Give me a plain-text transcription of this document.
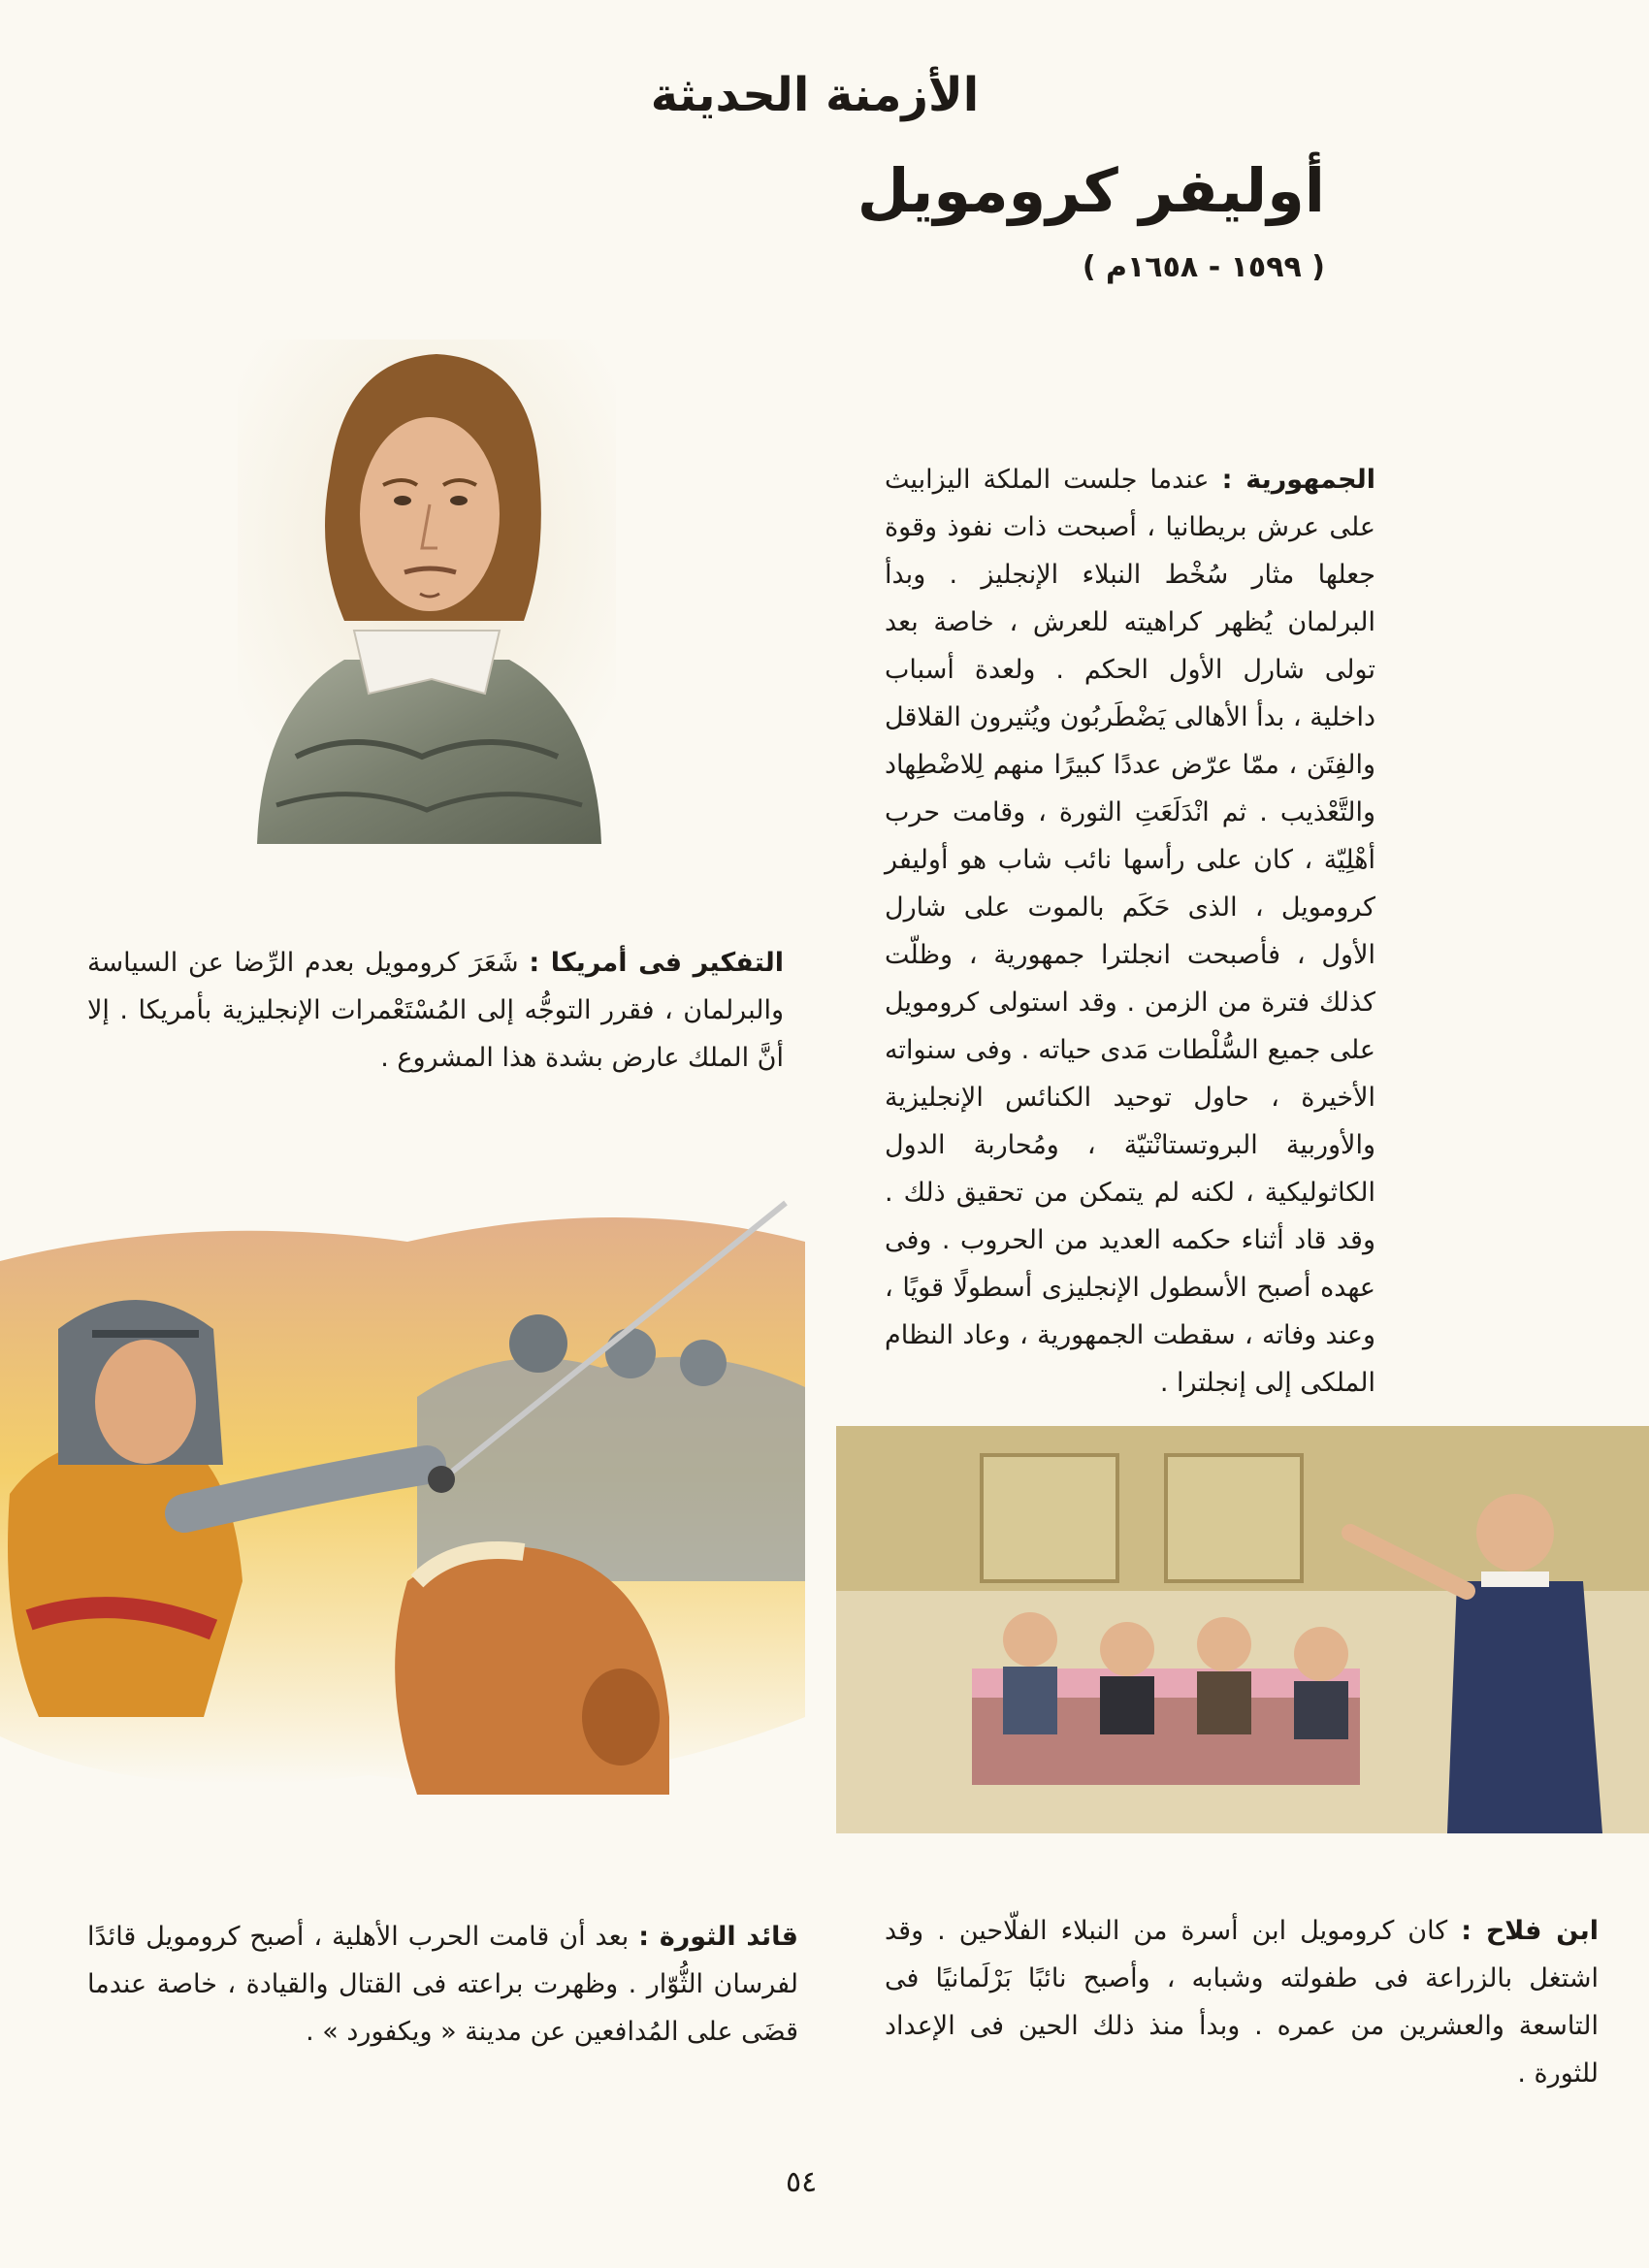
الأزمنة الحديثة
أوليفر كرومويل
( ١٥٩٩ - ١٦٥٨م )
الجمهورية : عندما جلست الملكة اليزابيث على عرش بريطانيا ، أصبحت ذات نفوذ وقوة جعلها مثار سُخْط النبلاء الإنجليز . وبدأ البرلمان يُظهر كراهيته للعرش ، خاصة بعد تولى شارل الأول الحكم . ولعدة أسباب داخلية ، بدأ الأهالى يَضْطَربُون ويُثيرون القلاقل والفِتَن ، ممّا عرّض عددًا كبيرًا منهم لِلاضْطِهاد والتَّعْذيب . ثم انْدَلَعَتِ الثورة ، وقامت حرب أهْلِيّة ، كان على رأسها نائب شاب هو أوليفر كرومويل ، الذى حَكَم بالموت على شارل الأول ، فأصبحت انجلترا جمهورية ، وظلّت كذلك فترة من الزمن . وقد استولى كرومويل على جميع السُّلْطات مَدى حياته . وفى سنواته الأخيرة ، حاول توحيد الكنائس الإنجليزية والأوربية البروتستانْتيّة ، ومُحاربة الدول الكاثوليكية ، لكنه لم يتمكن من تحقيق ذلك . وقد قاد أثناء حكمه العديد من الحروب . وفى عهده أصبح الأسطول الإنجليزى أسطولًا قويًا ، وعند وفاته ، سقطت الجمهورية ، وعاد النظام الملكى إلى إنجلترا .
التفكير فى أمريكا : شَعَرَ كرومويل بعدم الرِّضا عن السياسة والبرلمان ، فقرر التوجُّه إلى المُسْتَعْمرات الإنجليزية بأمريكا . إلا أنَّ الملك عارض بشدة هذا المشروع .
قائد الثورة : بعد أن قامت الحرب الأهلية ، أصبح كرومويل قائدًا لفرسان الثُّوّار . وظهرت براعته فى القتال والقيادة ، خاصة عندما قضَى على المُدافعين عن مدينة « ويكفورد » .
ابن فلاح : كان كرومويل ابن أسرة من النبلاء الفلّاحين . وقد اشتغل بالزراعة فى طفولته وشبابه ، وأصبح نائبًا بَرْلَمانيًا فى التاسعة والعشرين من عمره . وبدأ منذ ذلك الحين فى الإعداد للثورة .
٥٤
